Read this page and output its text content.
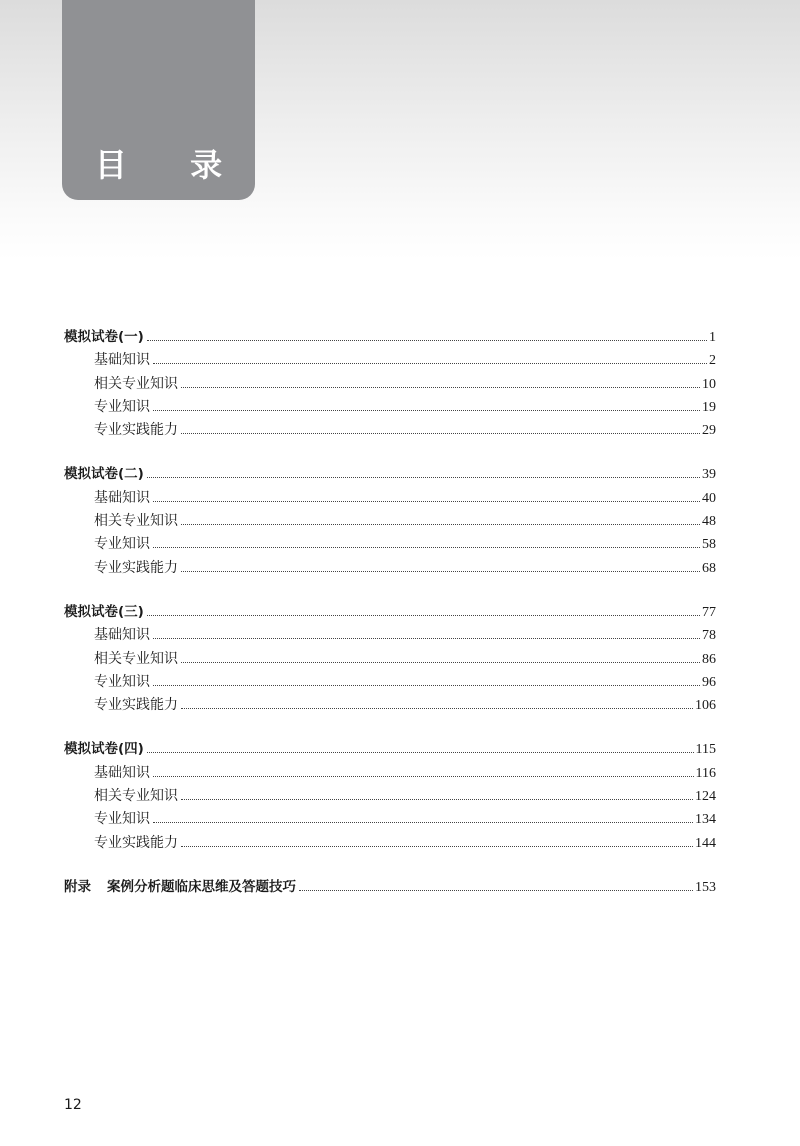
目 录
模拟试卷(一)	1
基础知识	2
相关专业知识	10
专业知识	19
专业实践能力	29
模拟试卷(二)	39
基础知识	40
相关专业知识	48
专业知识	58
专业实践能力	68
模拟试卷(三)	77
基础知识	78
相关专业知识	86
专业知识	96
专业实践能力	106
模拟试卷(四)	115
基础知识	116
相关专业知识	124
专业知识	134
专业实践能力	144
附录 案例分析题临床思维及答题技巧	153
12
